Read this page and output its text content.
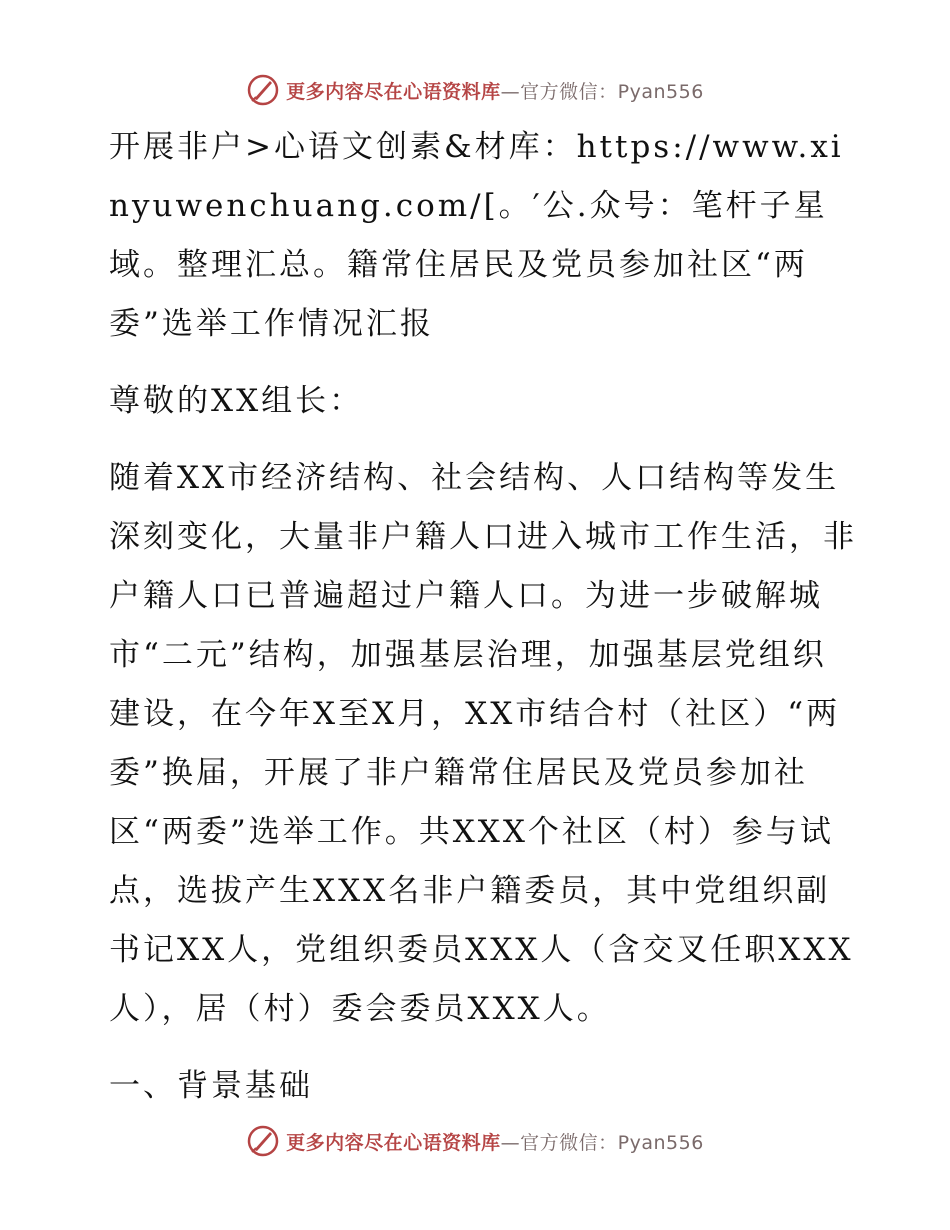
更多内容尽在心语资料库—官方微信：Pyan556

开展非户>心语文创素&材库：https://www.xinyuwenchuang.com/[。′公.众号：笔杆子星域。整理汇总。籍常住居民及党员参加社区“两委”选举工作情况汇报

尊敬的XX组长：

随着XX市经济结构、社会结构、人口结构等发生深刻变化，大量非户籍人口进入城市工作生活，非户籍人口已普遍超过户籍人口。为进一步破解城市“二元”结构，加强基层治理，加强基层党组织建设，在今年X至X月，XX市结合村（社区）“两委”换届，开展了非户籍常住居民及党员参加社区“两委”选举工作。共XXX个社区（村）参与试点，选拔产生XXX名非户籍委员，其中党组织副书记XX人，党组织委员XXX人（含交叉任职XXX人），居（村）委会委员XXX人。

一、背景基础

更多内容尽在心语资料库—官方微信：Pyan556
